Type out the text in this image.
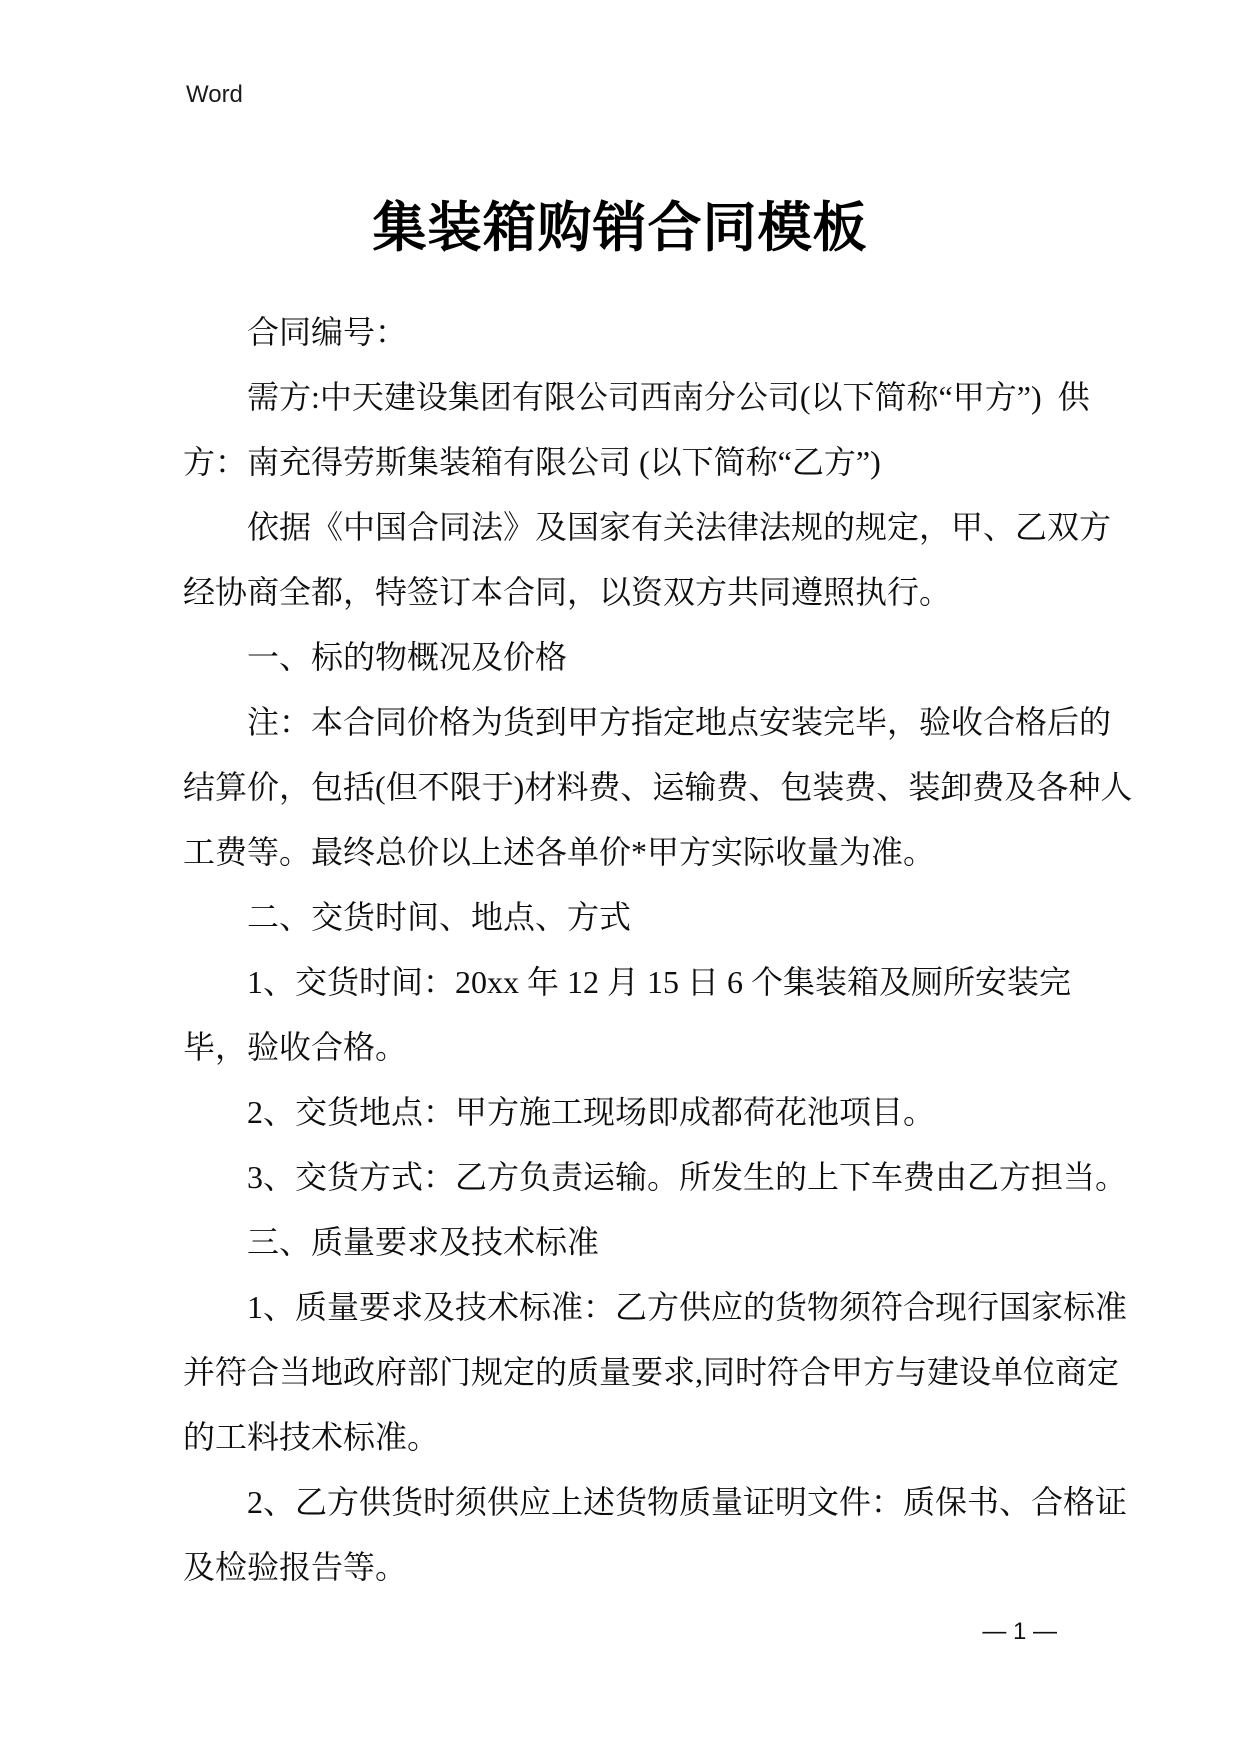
Word
集装箱购销合同模板
合同编号：
需方:中天建设集团有限公司西南分公司(以下简称“甲方”)  供
方：南充得劳斯集装箱有限公司 (以下简称“乙方”)
依据《中国合同法》及国家有关法律法规的规定，甲、乙双方
经协商全都，特签订本合同，以资双方共同遵照执行。
一、标的物概况及价格
注：本合同价格为货到甲方指定地点安装完毕，验收合格后的
结算价，包括(但不限于)材料费、运输费、包装费、装卸费及各种人
工费等。最终总价以上述各单价*甲方实际收量为准。
二、交货时间、地点、方式
1、交货时间：20xx 年 12 月 15 日 6 个集装箱及厕所安装完
毕，验收合格。
2、交货地点：甲方施工现场即成都荷花池项目。
3、交货方式：乙方负责运输。所发生的上下车费由乙方担当。
三、质量要求及技术标准
1、质量要求及技术标准：乙方供应的货物须符合现行国家标准
并符合当地政府部门规定的质量要求,同时符合甲方与建设单位商定
的工料技术标准。
2、乙方供货时须供应上述货物质量证明文件：质保书、合格证
及检验报告等。
— 1 —
